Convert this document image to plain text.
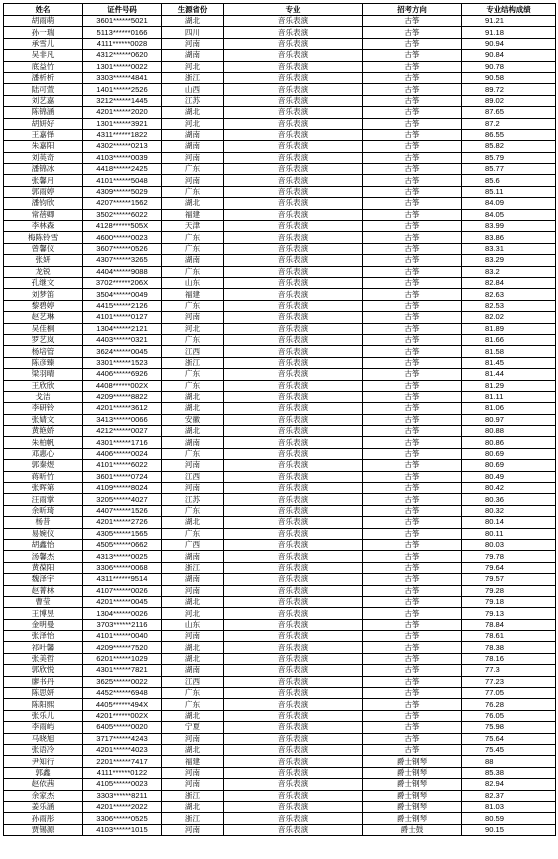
姓名	证件号码	生源省份	专业	招考方向	专业结构成绩
胡雨萌	3601******5021	湖北	音乐表演	古筝	91.21
孙一瑞	5113******0166	四川	音乐表演	古筝	91.18
承雪儿	4111******0028	河南	音乐表演	古筝	90.94
吴非凡	4312******0620	湖南	音乐表演	古筝	90.84
底益竹	1301******0022	河北	音乐表演	古筝	90.78
潘析析	3303******4841	浙江	音乐表演	古筝	90.58
陆可萱	1401******2526	山西	音乐表演	古筝	89.72
刘艺嘉	3212******1445	江苏	音乐表演	古筝	89.02
陈锦涵	4201******2020	湖北	音乐表演	古筝	87.65
胡妍好	1301******3921	河北	音乐表演	古筝	87.2
王嘉怿	4311******1822	湖南	音乐表演	古筝	86.55
朱嘉阳	4302******0213	湖南	音乐表演	古筝	85.82
刘英奇	4103******0039	河南	音乐表演	古筝	85.79
潘锦冰	4418******2425	广东	音乐表演	古筝	85.77
张馨月	4101******5048	河南	音乐表演	古筝	85.6
郭雨婷	4309******5029	广东	音乐表演	古筝	85.11
潘钧欣	4207******1562	湖北	音乐表演	古筝	84.09
常蓓卿	3502******6022	福建	音乐表演	古筝	84.05
李林森	4128******505X	天津	音乐表演	古筝	83.99
梅陈铃雪	4600******0023	广东	音乐表演	古筝	83.86
曾馨仪	3607******0526	广东	音乐表演	古筝	83.31
张妍	4307******3265	湖南	音乐表演	古筝	83.29
龙锐	4404******9088	广东	音乐表演	古筝	83.2
孔继文	3702******206X	山东	音乐表演	古筝	82.84
刘梦笛	3504******0049	福建	音乐表演	古筝	82.63
黎碧婷	4415******2126	广东	音乐表演	古筝	82.53
赵艺琳	4101******0127	河南	音乐表演	古筝	82.02
吴佳桐	1304******2121	河北	音乐表演	古筝	81.89
罗艺岚	4403******0321	广东	音乐表演	古筝	81.66
杨培管	3624******0045	江西	音乐表演	古筝	81.58
陈彦臻	3301******1523	浙江	音乐表演	古筝	81.45
梁羽晴	4406******6926	广东	音乐表演	古筝	81.44
王欣欣	4408******002X	广东	音乐表演	古筝	81.29
戈洁	4209******8822	湖北	音乐表演	古筝	81.11
李研铃	4201******3612	湖北	音乐表演	古筝	81.06
张婧文	3413******0066	安徽	音乐表演	古筝	80.97
黄艳娇	4212******0027	湖北	音乐表演	古筝	80.88
朱柏帆	4301******1716	湖南	音乐表演	古筝	80.86
邓惠心	4406******0024	广东	音乐表演	古筝	80.69
郭秦煜	4101******6022	河南	音乐表演	古筝	80.69
蒋昕竹	3601******0724	江西	音乐表演	古筝	80.49
张晖第	4109******8024	河南	音乐表演	古筝	80.42
汪雨掌	3205******4027	江苏	音乐表演	古筝	80.36
余昕琦	4407******1526	广东	音乐表演	古筝	80.32
杨昔	4201******2726	湖北	音乐表演	古筝	80.14
易婉仪	4305******1565	广东	音乐表演	古筝	80.11
胡鑫怡	4505******0662	广西	音乐表演	古筝	80.03
汤馨杰	4313******0025	湖南	音乐表演	古筝	79.78
黄葆阳	3306******0068	浙江	音乐表演	古筝	79.64
魏泽宇	4311******9514	湖南	音乐表演	古筝	79.57
赵菁林	4107******0026	河南	音乐表演	古筝	79.28
曹莹	4201******0045	湖北	音乐表演	古筝	79.18
王博昱	1304******0026	河北	音乐表演	古筝	79.13
金明曼	3703******2116	山东	音乐表演	古筝	78.84
张泽怡	4101******0040	河南	音乐表演	古筝	78.61
祁叶馨	4209******7520	湖北	音乐表演	古筝	78.38
张美哲	6201******1029	湖北	音乐表演	古筝	78.16
郭欣悦	4301******7821	湖南	音乐表演	古筝	77.3
廖书丹	3625******0022	江西	音乐表演	古筝	77.23
陈思妍	4452******6948	广东	音乐表演	古筝	77.05
陈阳熙	4405******494X	广东	音乐表演	古筝	76.28
张乐儿	4201******002X	湖北	音乐表演	古筝	76.05
李雨屿	6405******0020	宁夏	音乐表演	古筝	75.98
马晓旭	3717******4243	河南	音乐表演	古筝	75.64
张语冷	4201******4023	湖北	音乐表演	古筝	75.45
尹知行	2201******7417	福建	音乐表演	爵士钢琴	88
郭鑫	4111******0122	河南	音乐表演	爵士钢琴	85.38
赵依茜	4105******0023	河南	音乐表演	爵士钢琴	82.94
余家杰	3303******8211	浙江	音乐表演	爵士钢琴	82.37
姜乐涵	4201******2022	湖北	音乐表演	爵士钢琴	81.03
孙雨彤	3306******0525	浙江	音乐表演	爵士钢琴	80.59
贾锡源	4103******1015	河南	音乐表演	爵士鼓	90.15
